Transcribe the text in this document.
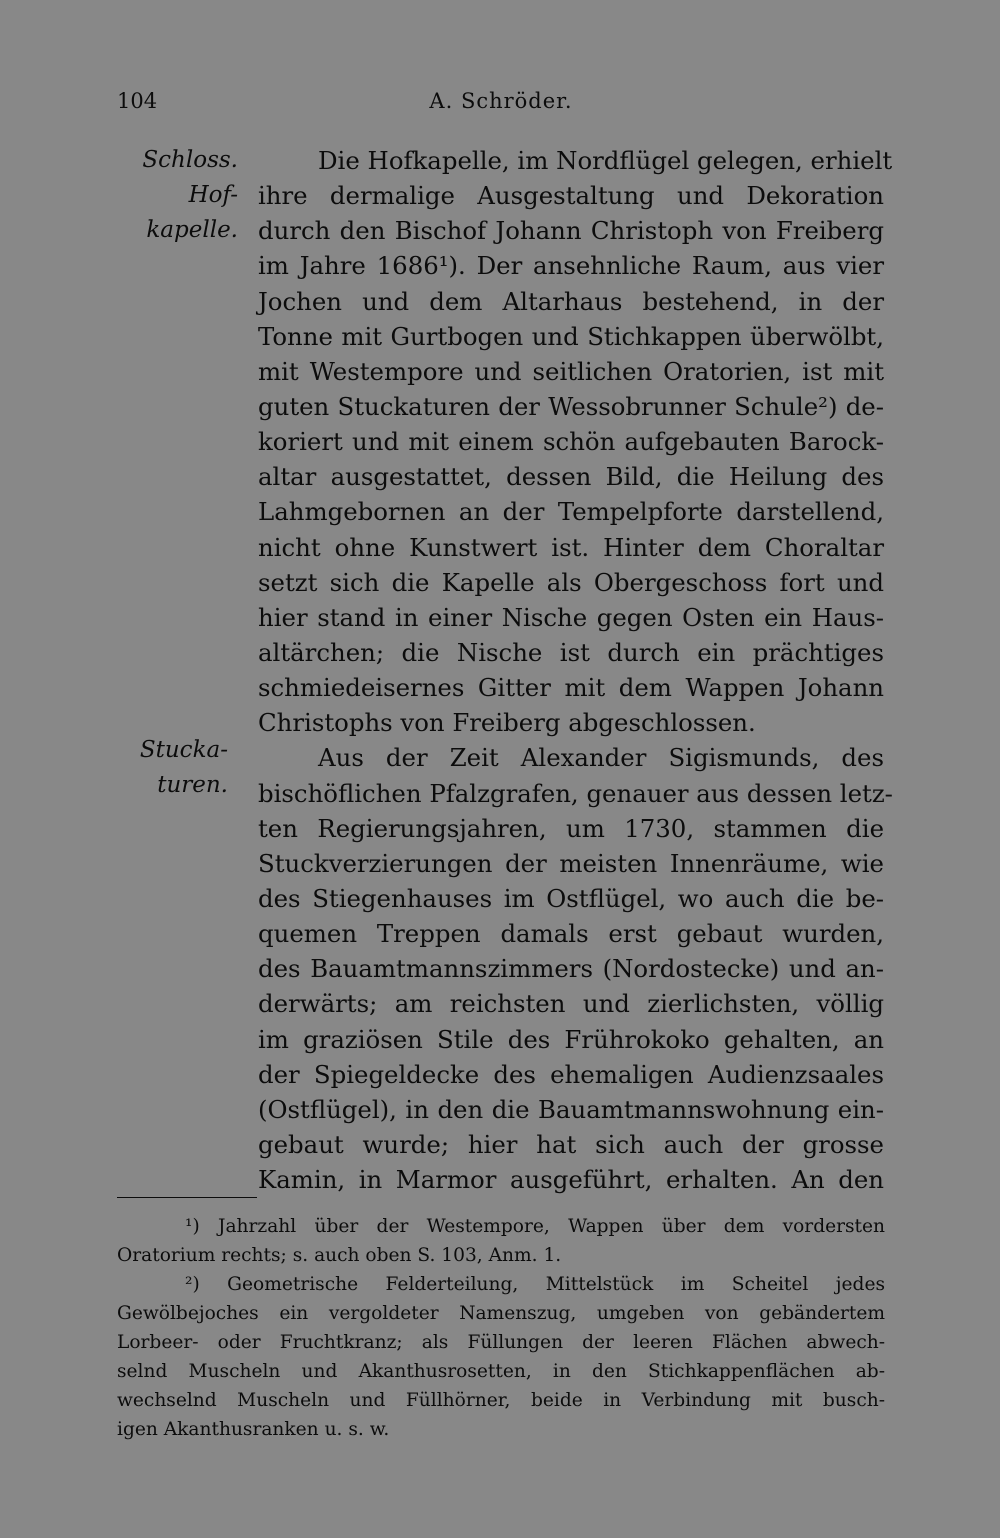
104	A. Schröder.
Schloss.
Hof-
kapelle.
Stucka-
turen.
Die Hofkapelle, im Nordflügel gelegen, erhielt
ihre dermalige Ausgestaltung und Dekoration
durch den Bischof Johann Christoph von Freiberg
im Jahre 1686¹). Der ansehnliche Raum, aus vier
Jochen und dem Altarhaus bestehend, in der
Tonne mit Gurtbogen und Stichkappen überwölbt,
mit Westempore und seitlichen Oratorien, ist mit
guten Stuckaturen der Wessobrunner Schule²) de-
koriert und mit einem schön aufgebauten Barock-
altar ausgestattet, dessen Bild, die Heilung des
Lahmgebornen an der Tempelpforte darstellend,
nicht ohne Kunstwert ist. Hinter dem Choraltar
setzt sich die Kapelle als Obergeschoss fort und
hier stand in einer Nische gegen Osten ein Haus-
altärchen; die Nische ist durch ein prächtiges
schmiedeisernes Gitter mit dem Wappen Johann
Christophs von Freiberg abgeschlossen.
Aus der Zeit Alexander Sigismunds, des
bischöflichen Pfalzgrafen, genauer aus dessen letz-
ten Regierungsjahren, um 1730, stammen die
Stuckverzierungen der meisten Innenräume, wie
des Stiegenhauses im Ostflügel, wo auch die be-
quemen Treppen damals erst gebaut wurden,
des Bauamtmannszimmers (Nordostecke) und an-
derwärts; am reichsten und zierlichsten, völlig
im graziösen Stile des Frührokoko gehalten, an
der Spiegeldecke des ehemaligen Audienzsaales
(Ostflügel), in den die Bauamtmannswohnung ein-
gebaut wurde; hier hat sich auch der grosse
Kamin, in Marmor ausgeführt, erhalten. An den
¹) Jahrzahl über der Westempore, Wappen über dem vordersten
Oratorium rechts; s. auch oben S. 103, Anm. 1.
²) Geometrische Felderteilung, Mittelstück im Scheitel jedes
Gewölbejoches ein vergoldeter Namenszug, umgeben von gebändertem
Lorbeer- oder Fruchtkranz; als Füllungen der leeren Flächen abwech-
selnd Muscheln und Akanthusrosetten, in den Stichkappenflächen ab-
wechselnd Muscheln und Füllhörner, beide in Verbindung mit busch-
igen Akanthusranken u. s. w.
